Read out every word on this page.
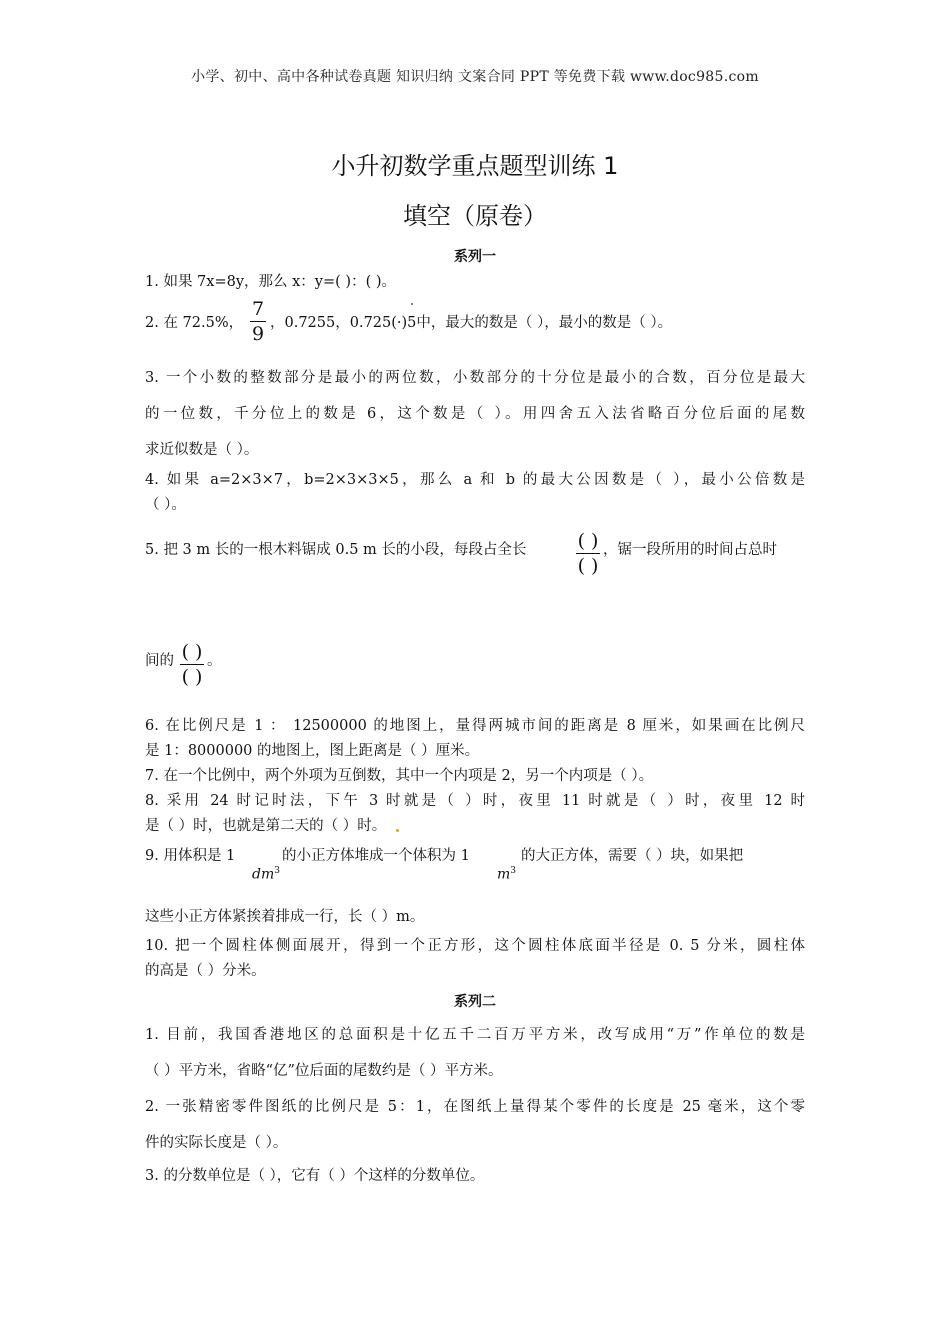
小学、初中、高中各种试卷真题 知识归纳 文案合同 PPT 等免费下载 www.doc985.com
小升初数学重点题型训练 1
填空（原卷）
系列一
1. 如果 7x=8y，那么 x：y=( )：( )。
2. 在 72.5%，
7
9 ，0.7255，0.725(·)5中，最大的数是（ ），最小的数是（ ）。
3. 一个小数的整数部分是最小的两位数，小数部分的十分位是最小的合数，百分位是最大
的一位数，千分位上的数是 6，这个数是（ ）。用四舍五入法省略百分位后面的尾数
求近似数是（ ）。
4. 如果 a=2×3×7，b=2×3×3×5，那么 a 和 b 的最大公因数是（ ），最小公倍数是
（ ）。
5. 把 3 m 长的一根木料锯成 0.5 m 长的小段，每段占全长	( )
( )
，锯一段所用的时间占总时
间的 ( )
( )
。
6. 在比例尺是 1 ： 12500000 的地图上，量得两城市间的距离是 8 厘米，如果画在比例尺
是 1：8000000 的地图上，图上距离是（ ）厘米。
7. 在一个比例中，两个外项为互倒数，其中一个内项是 2，另一个内项是（ ）。
8. 采用 24 时记时法，下午 3 时就是（ ）时，夜里 11 时就是（ ）时，夜里 12 时
是（ ）时，也就是第二天的（ ）时。
9. 用体积是 1
$dm^3$
的小正方体堆成一个体积为 1
$m^3$
的大正方体，需要（ ）块，如果把
这些小正方体紧挨着排成一行，长（ ）m。
10. 把一个圆柱体侧面展开，得到一个正方形，这个圆柱体底面半径是 0. 5 分米，圆柱体
的高是（ ）分米。
系列二
1. 目前，我国香港地区的总面积是十亿五千二百万平方米，改写成用“万”作单位的数是
（ ）平方米，省略“亿”位后面的尾数约是（ ）平方米。
2. 一张精密零件图纸的比例尺是 5：1，在图纸上量得某个零件的长度是 25 毫米，这个零
件的实际长度是（ ）。
3. 的分数单位是（ ），它有（ ）个这样的分数单位。
